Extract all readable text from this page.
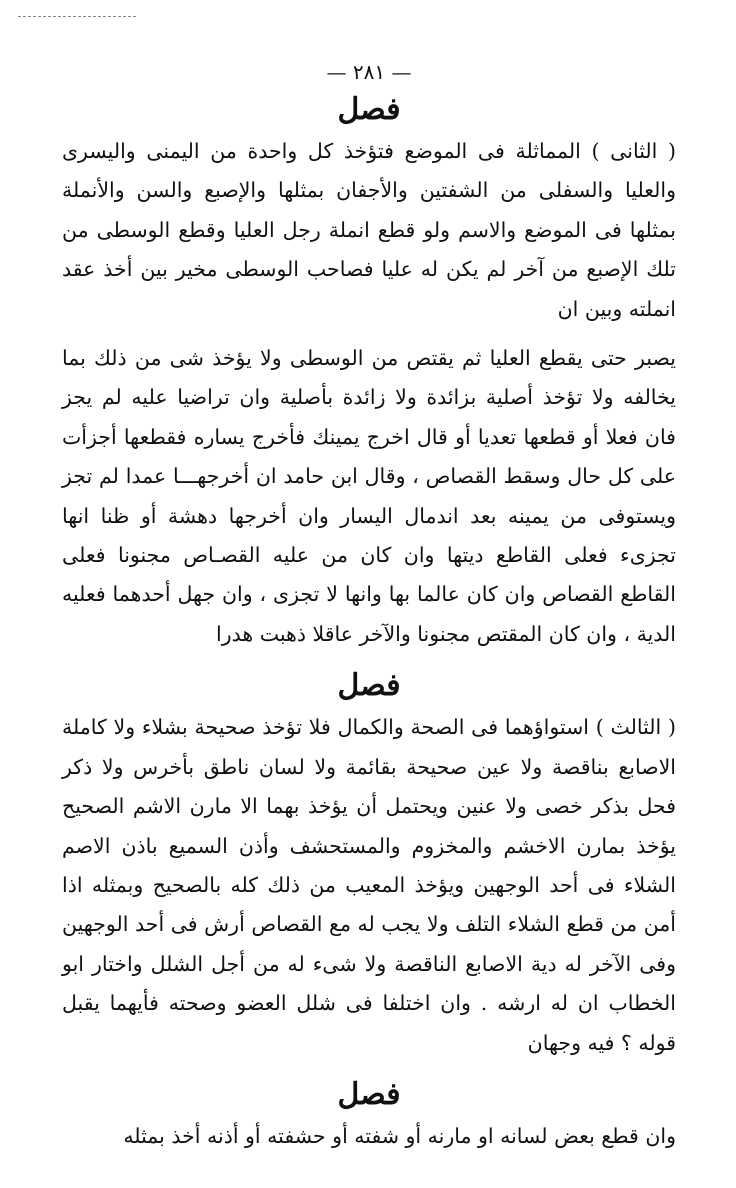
— ٢٨١ —
فصل

( الثانى ) المماثلة فى الموضع فتؤخذ كل واحدة من اليمنى واليسرى والعليا والسفلى من الشفتين والأجفان بمثلها والإصبع والسن والأنملة بمثلها فى الموضع والاسم ولو قطع انملة رجل العليا وقطع الوسطى من تلك الإصبع من آخر لم يكن له عليا فصاحب الوسطى مخير بين أخذ عقد انملته وبين ان

يصبر حتى يقطع العليا ثم يقتص من الوسطى ولا يؤخذ شى من ذلك بما يخالفه ولا تؤخذ أصلية بزائدة ولا زائدة بأصلية وان تراضيا عليه لم يجز فان فعلا أو قطعها تعديا أو قال اخرج يمينك فأخرج يساره فقطعها أجزأت على كل حال وسقط القصاص ، وقال ابن حامد ان أخرجهـــا عمدا لم تجز ويستوفى من يمينه بعد اندمال اليسار وان أخرجها دهشة أو ظنا انها تجزىء فعلى القاطع ديتها وان كان من عليه القصـاص مجنونا فعلى القاطع القصاص وان كان عالما بها وانها لا تجزى ، وان جهل أحدهما فعليه الدية ، وان كان المقتص مجنونا والآخر عاقلا ذهبت هدرا

فصل

( الثالث ) استواؤهما فى الصحة والكمال فلا تؤخذ صحيحة بشلاء ولا كاملة الاصابع بناقصة ولا عين صحيحة بقائمة ولا لسان ناطق بأخرس ولا ذكر فحل بذكر خصى ولا عنين ويحتمل أن يؤخذ بهما الا مارن الاشم الصحيح يؤخذ بمارن الاخشم والمخزوم والمستحشف وأذن السميع باذن الاصم الشلاء فى أحد الوجهين ويؤخذ المعيب من ذلك كله بالصحيح وبمثله اذا أمن من قطع الشلاء التلف ولا يجب له مع القصاص أرش فى أحد الوجهين وفى الآخر له دية الاصابع الناقصة ولا شىء له من أجل الشلل واختار ابو الخطاب ان له ارشه . وان اختلفا فى شلل العضو وصحته فأيهما يقبل قوله ؟ فيه وجهان

فصل

وان قطع بعض لسانه او مارنه أو شفته أو حشفته أو أذنه أخذ بمثله
